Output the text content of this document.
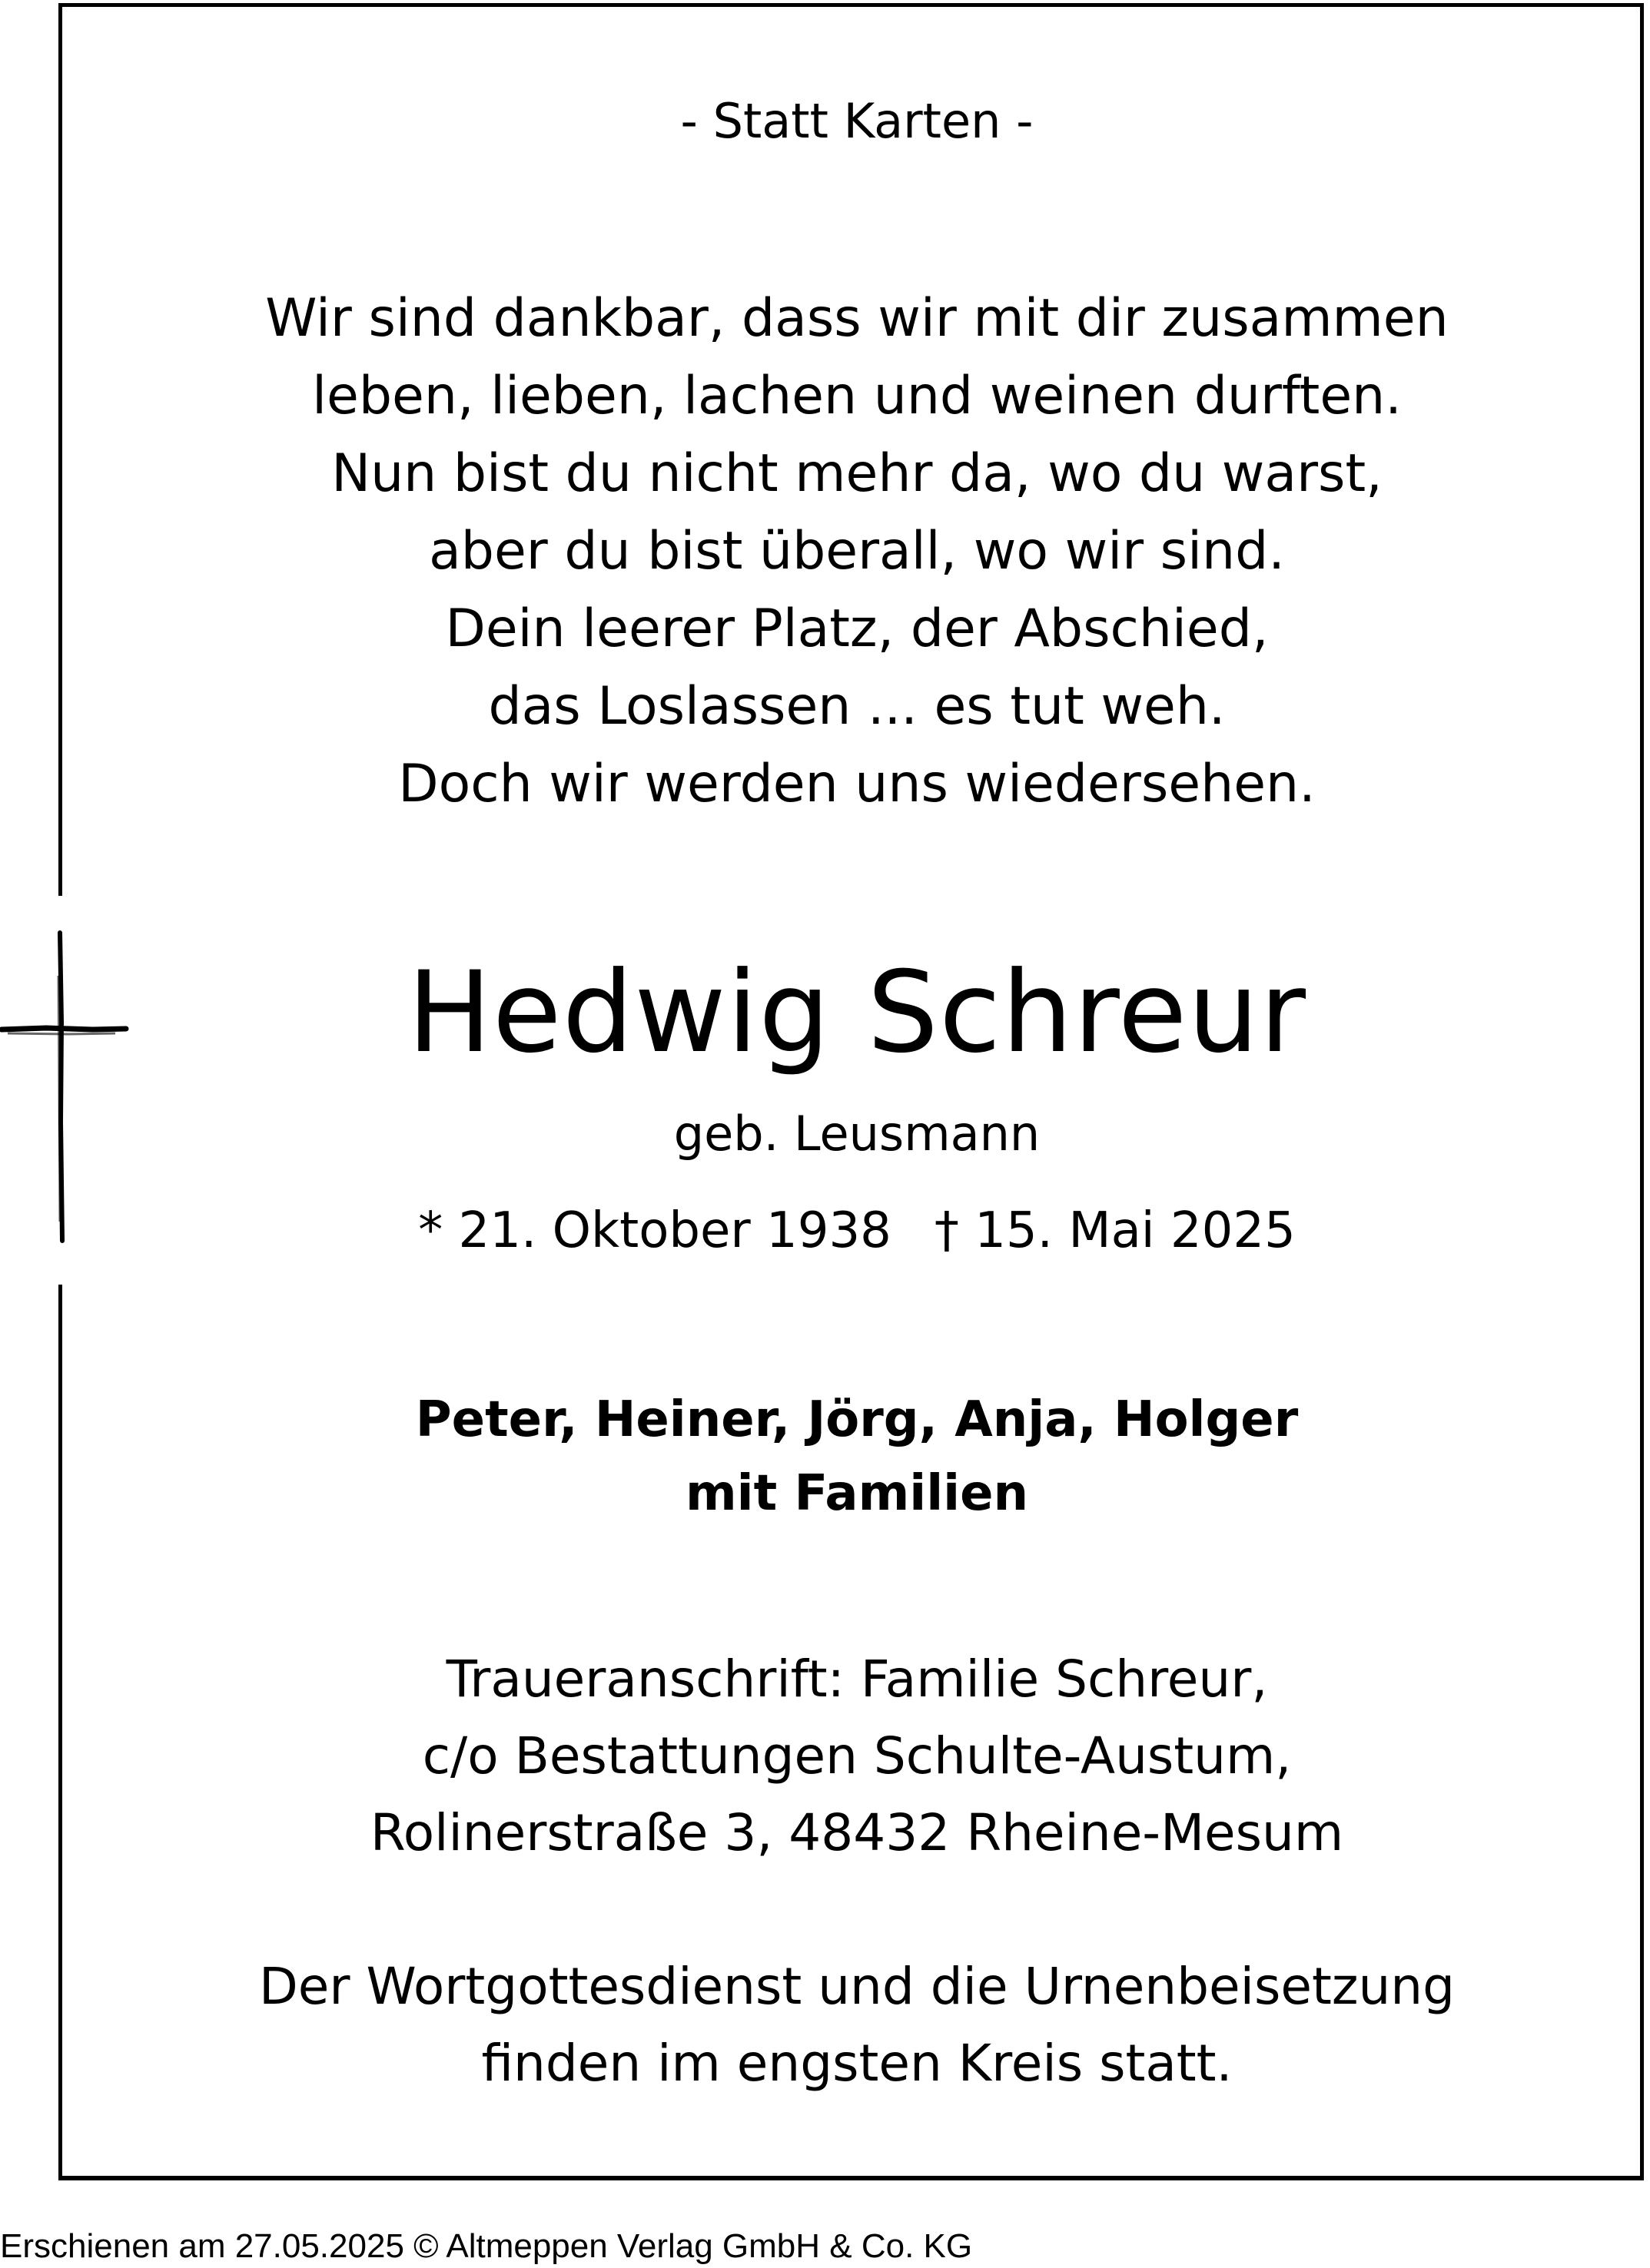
- Statt Karten -
Wir sind dankbar, dass wir mit dir zusammen
leben, lieben, lachen und weinen durften.
Nun bist du nicht mehr da, wo du warst,
aber du bist überall, wo wir sind.
Dein leerer Platz, der Abschied,
das Loslassen ... es tut weh.
Doch wir werden uns wiedersehen.
Hedwig Schreur
geb. Leusmann
* 21. Oktober 1938 † 15. Mai 2025
Peter, Heiner, Jörg, Anja, Holger
mit Familien
Traueranschrift: Familie Schreur,
c/o Bestattungen Schulte-Austum,
Rolinerstraße 3, 48432 Rheine-Mesum
Der Wortgottesdienst und die Urnenbeisetzung
finden im engsten Kreis statt.
Erschienen am 27.05.2025 © Altmeppen Verlag GmbH & Co. KG
